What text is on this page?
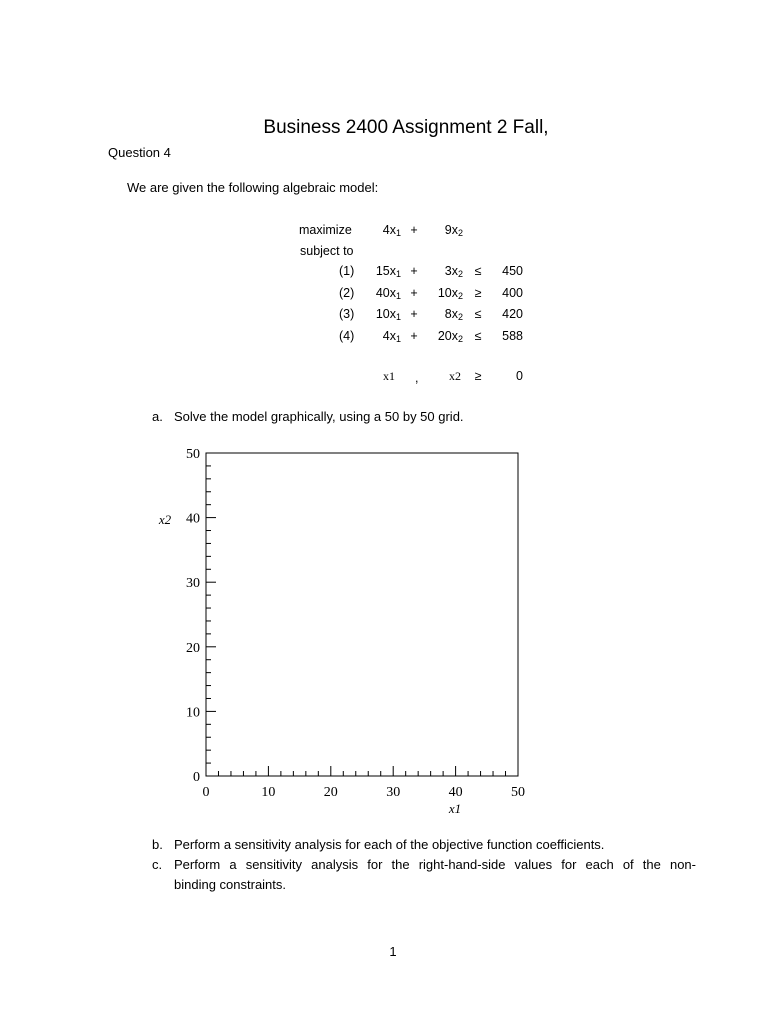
Business 2400 Assignment 2 Fall,
Question 4
We are given the following algebraic model:
maximize	$4x_1$ +	$9x_2$
subject to
(1)	$15x_1$ +	$3x_2$ ≤	450
(2)	$40x_1$ +	$10x_2$ ≥	400
(3)	$10x_1$ +	$8x_2$ ≤	420
(4)	$4x_1$ +	$20x_2$ ≤	588
x1 ,	x2	≥	0
a. Solve the model graphically, using a 50 by 50 grid.
x1
x2
0	10	20	30	40	50
0
10
20
30
40
50
b. Perform a sensitivity analysis for each of the objective function coefficients.
c. Perform a sensitivity analysis for the right-hand-side values for each of the non-
binding constraints.
1
